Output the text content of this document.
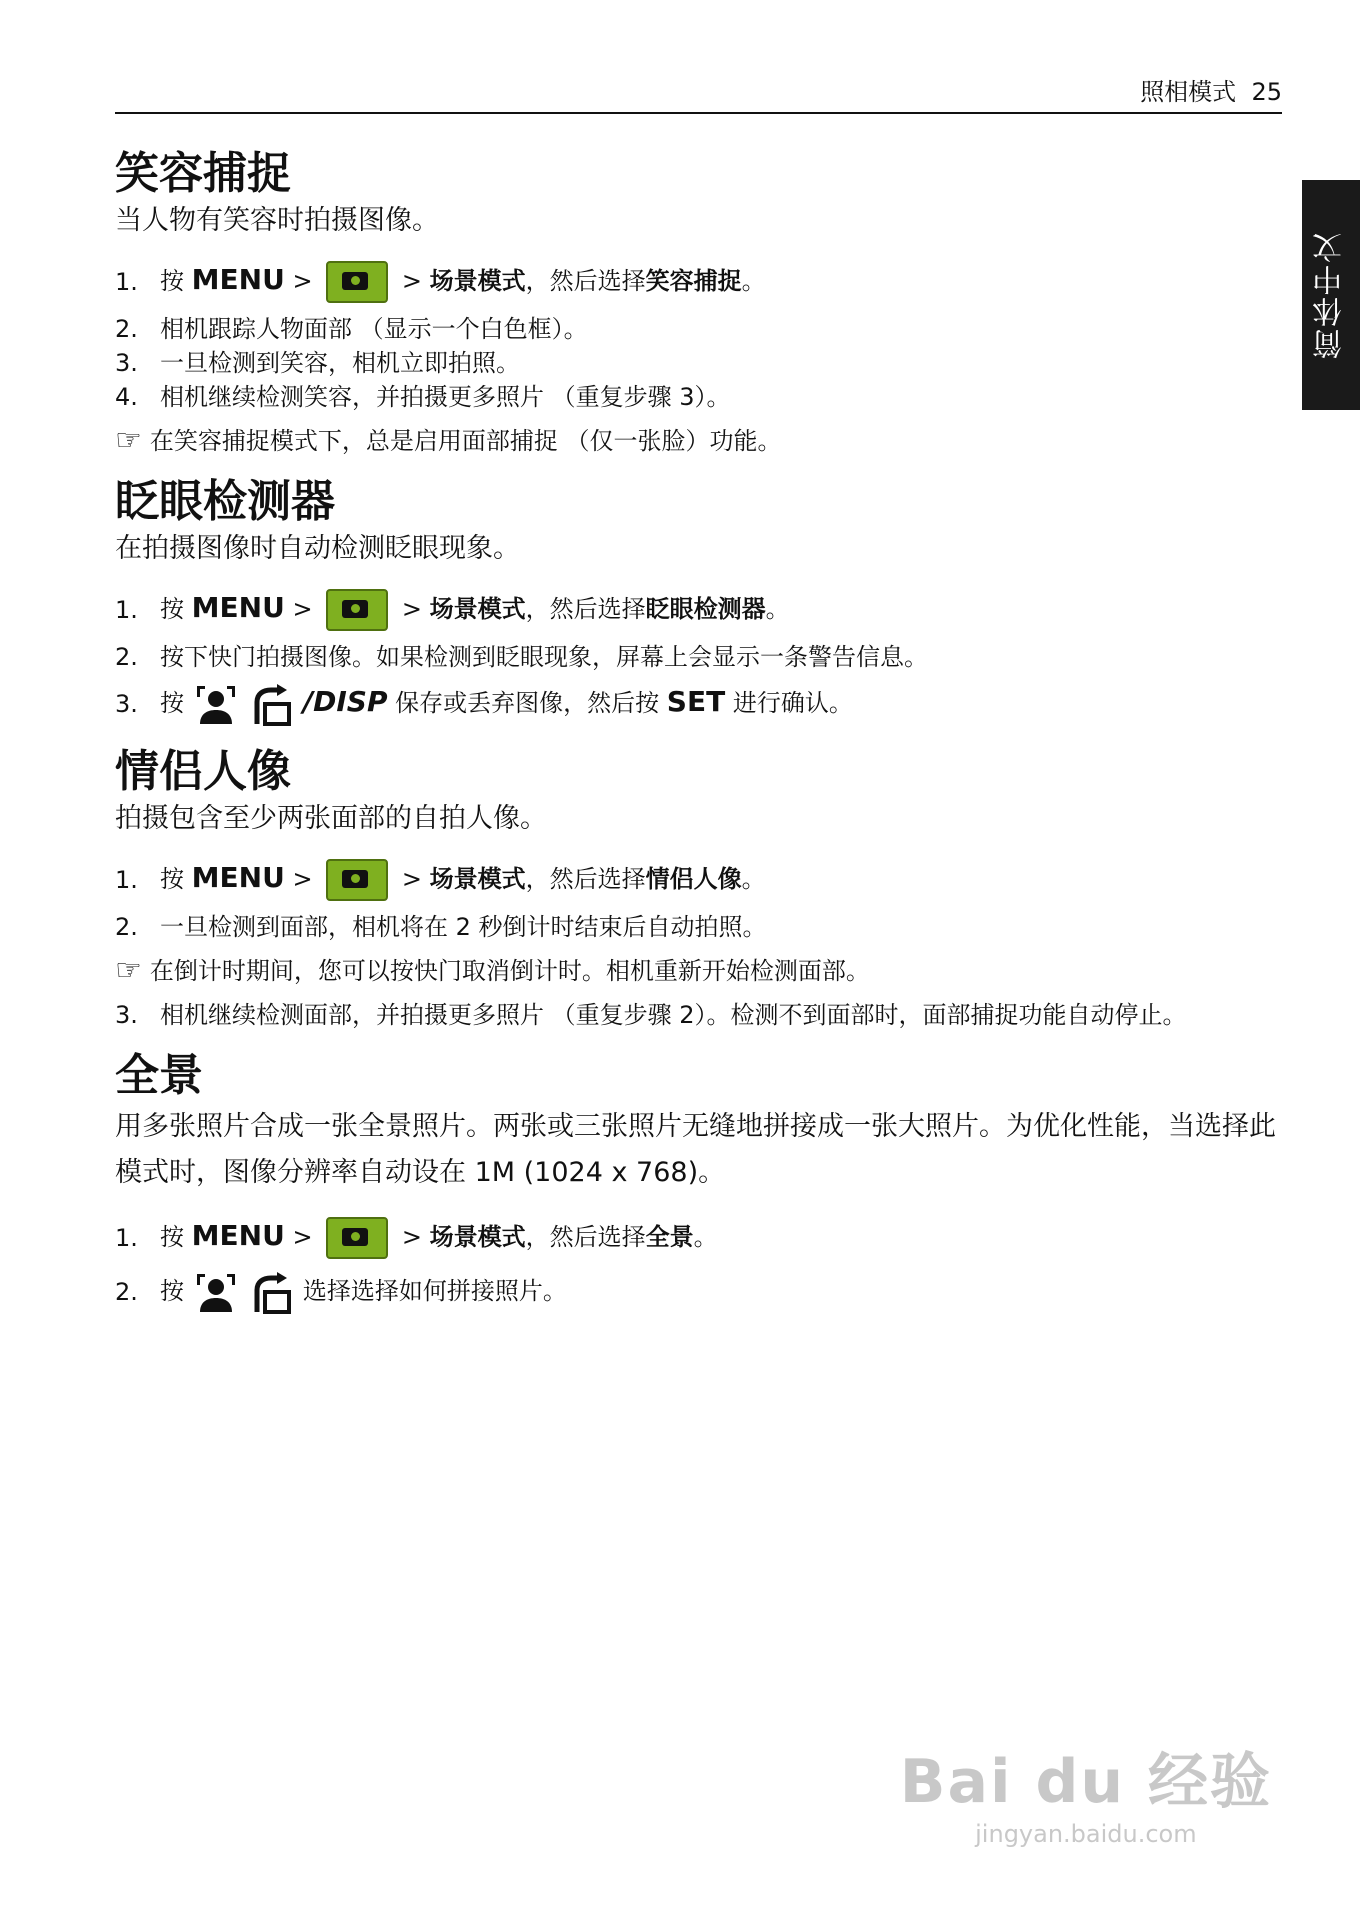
照相模式 25
简体中文
笑容捕捉

当人物有笑容时拍摄图像。

1. 按 MENU >	> 场景模式，然后选择笑容捕捉。
2. 相机跟踪人物面部 （显示一个白色框）。
3. 一旦检测到笑容，相机立即拍照。
4. 相机继续检测笑容，并拍摄更多照片 （重复步骤 3）。
☞ 在笑容捕捉模式下，总是启用面部捕捉 （仅一张脸）功能。
眨眼检测器

在拍摄图像时自动检测眨眼现象。

1. 按 MENU >	> 场景模式，然后选择眨眼检测器。
2. 按下快门拍摄图像。如果检测到眨眼现象，屏幕上会显示一条警告信息。
3. 按	/DISP 保存或丢弃图像，然后按 SET 进行确认。
情侣人像

拍摄包含至少两张面部的自拍人像。

1. 按 MENU >	> 场景模式，然后选择情侣人像。
2. 一旦检测到面部，相机将在 2 秒倒计时结束后自动拍照。
☞ 在倒计时期间，您可以按快门取消倒计时。相机重新开始检测面部。
3. 相机继续检测面部，并拍摄更多照片 （重复步骤 2）。检测不到面部时，面部捕捉功能自动停止。
全景

用多张照片合成一张全景照片。两张或三张照片无缝地拼接成一张大照片。为优化性能，当选择此模式时，图像分辨率自动设在 1M (1024 x 768)。

1. 按 MENU >	> 场景模式，然后选择全景。
2. 按	选择选择如何拼接照片。
Bai du 经验
jingyan.baidu.com
